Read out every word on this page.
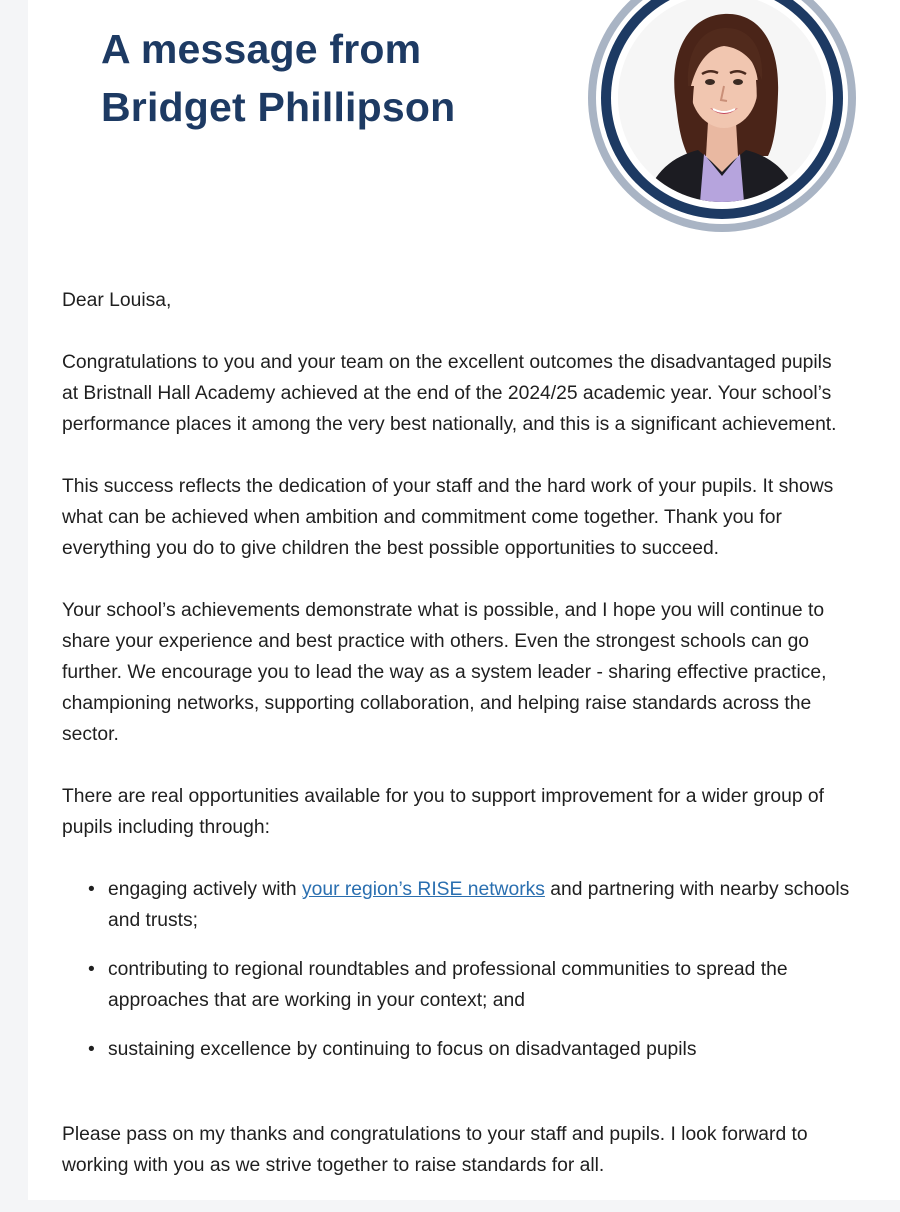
A message from
Bridget Phillipson

Dear Louisa,

Congratulations to you and your team on the excellent outcomes the disadvantaged pupils at Bristnall Hall Academy achieved at the end of the 2024/25 academic year. Your school’s performance places it among the very best nationally, and this is a significant achievement.

This success reflects the dedication of your staff and the hard work of your pupils. It shows what can be achieved when ambition and commitment come together. Thank you for everything you do to give children the best possible opportunities to succeed.

Your school’s achievements demonstrate what is possible, and I hope you will continue to share your experience and best practice with others. Even the strongest schools can go further. We encourage you to lead the way as a system leader - sharing effective practice, championing networks, supporting collaboration, and helping raise standards across the sector.

There are real opportunities available for you to support improvement for a wider group of pupils including through:

• engaging actively with your region’s RISE networks and partnering with nearby schools and trusts;
• contributing to regional roundtables and professional communities to spread the approaches that are working in your context; and
• sustaining excellence by continuing to focus on disadvantaged pupils

Please pass on my thanks and congratulations to your staff and pupils. I look forward to working with you as we strive together to raise standards for all.
